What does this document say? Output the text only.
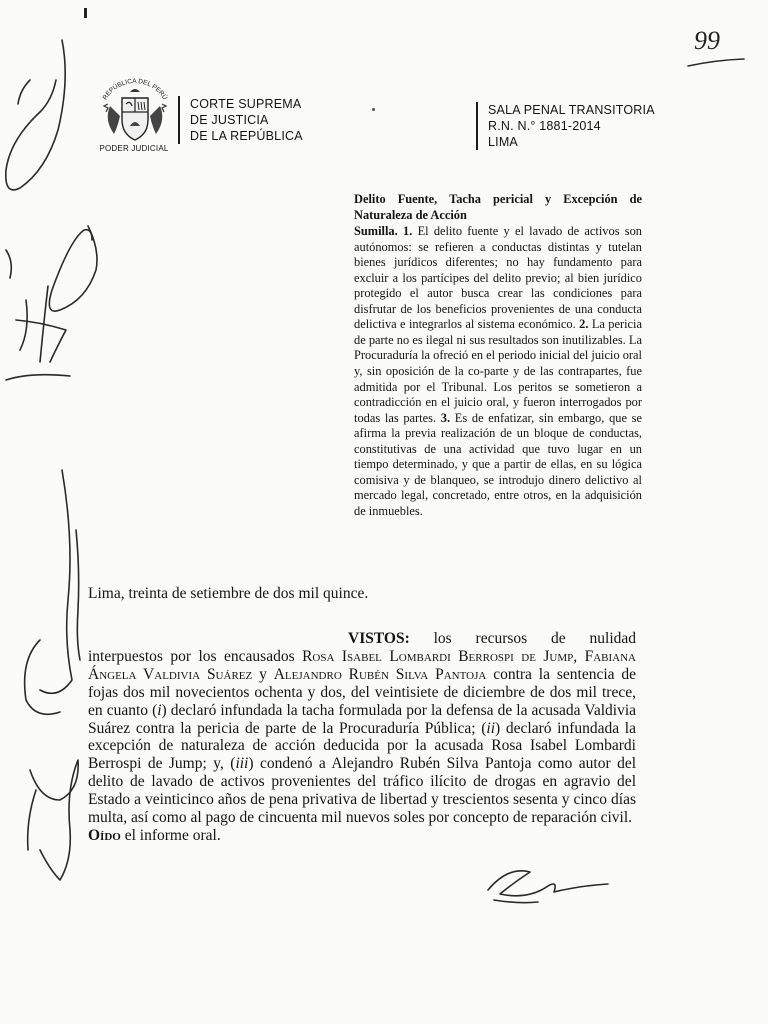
99
REPÚBLICA DEL PERÚ
PODER JUDICIAL
CORTE SUPREMA
DE JUSTICIA
DE LA REPÚBLICA
SALA PENAL TRANSITORIA
R.N. N.° 1881-2014
LIMA

Delito Fuente, Tacha pericial y Excepción de Naturaleza de Acción

Sumilla. 1. El delito fuente y el lavado de activos son autónomos: se refieren a conductas distintas y tutelan bienes jurídicos diferentes; no hay fundamento para excluir a los partícipes del delito previo; al bien jurídico protegido el autor busca crear las condiciones para disfrutar de los beneficios provenientes de una conducta delictiva e integrarlos al sistema económico. 2. La pericia de parte no es ilegal ni sus resultados son inutilizables. La Procuraduría la ofreció en el periodo inicial del juicio oral y, sin oposición de la co-parte y de las contrapartes, fue admitida por el Tribunal. Los peritos se sometieron a contradicción en el juicio oral, y fueron interrogados por todas las partes. 3. Es de enfatizar, sin embargo, que se afirma la previa realización de un bloque de conductas, constitutivas de una actividad que tuvo lugar en un tiempo determinado, y que a partir de ellas, en su lógica comisiva y de blanqueo, se introdujo dinero delictivo al mercado legal, concretado, entre otros, en la adquisición de inmuebles.

Lima, treinta de setiembre de dos mil quince.

VISTOS: los recursos de nulidad

interpuestos por los encausados Rosa Isabel Lombardi Berrospi de Jump, Fabiana Ángela Valdivia Suárez y Alejandro Rubén Silva Pantoja contra la sentencia de fojas dos mil novecientos ochenta y dos, del veintisiete de diciembre de dos mil trece, en cuanto (i) declaró infundada la tacha formulada por la defensa de la acusada Valdivia Suárez contra la pericia de parte de la Procuraduría Pública; (ii) declaró infundada la excepción de naturaleza de acción deducida por la acusada Rosa Isabel Lombardi Berrospi de Jump; y, (iii) condenó a Alejandro Rubén Silva Pantoja como autor del delito de lavado de activos provenientes del tráfico ilícito de drogas en agravio del Estado a veinticinco años de pena privativa de libertad y trescientos sesenta y cinco días multa, así como al pago de cincuenta mil nuevos soles por concepto de reparación civil.

Oído el informe oral.
